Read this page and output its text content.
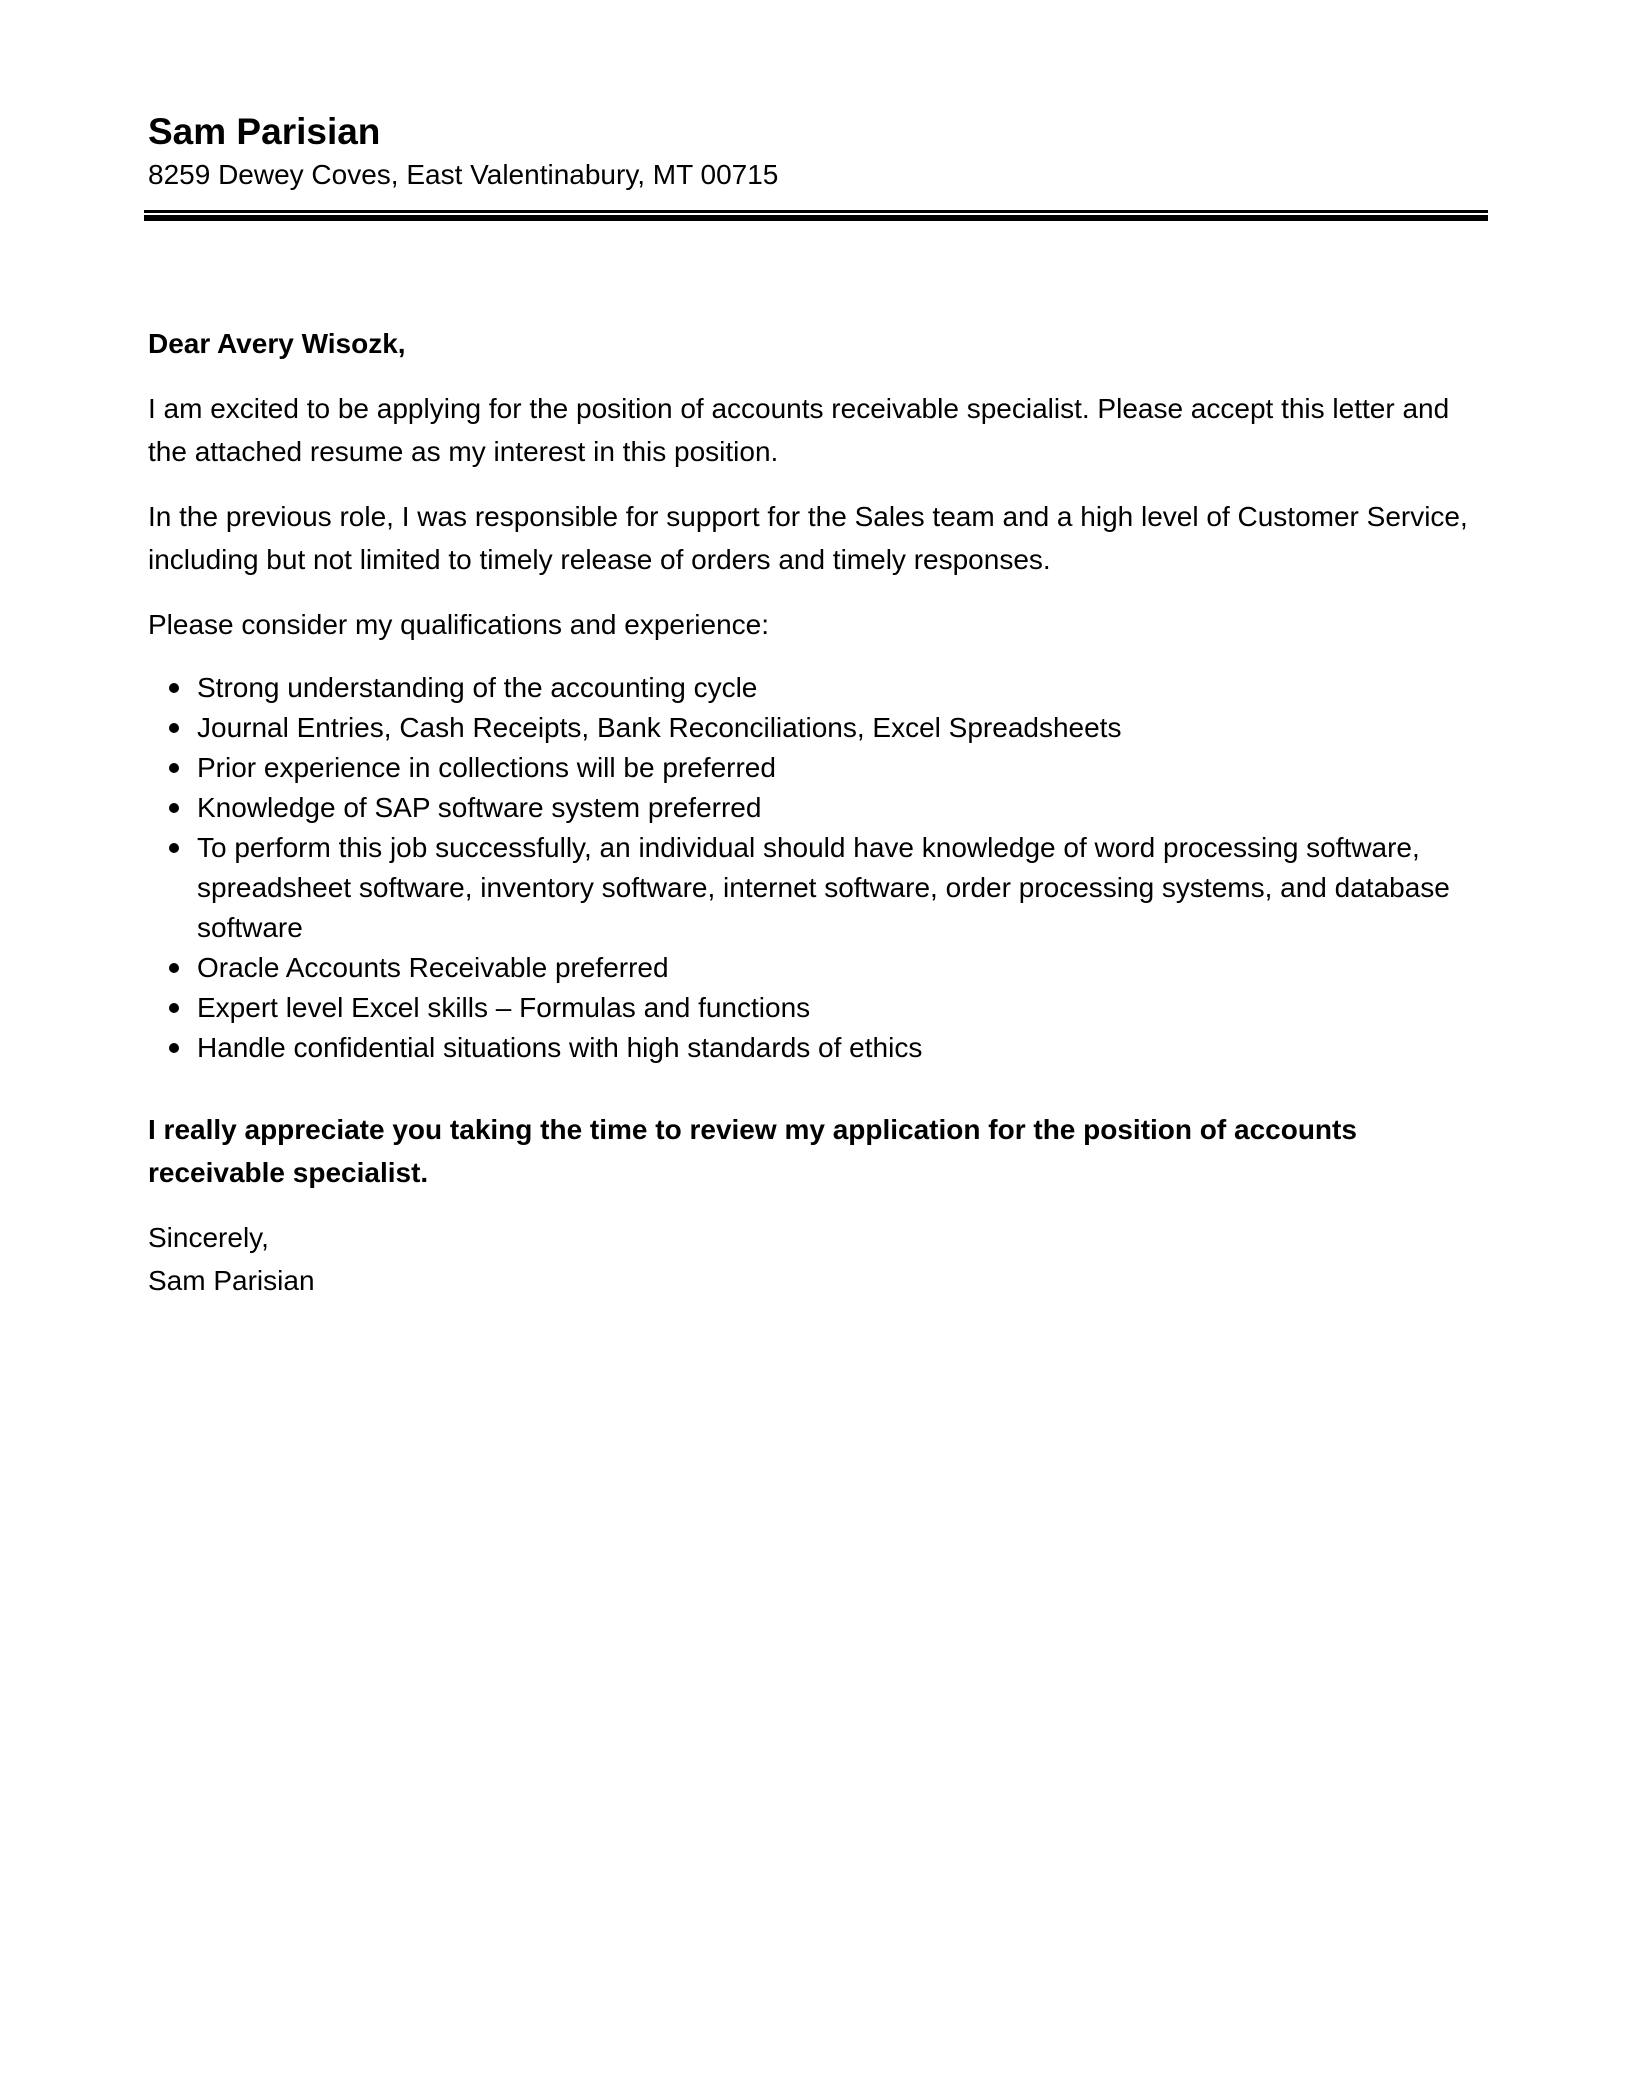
Sam Parisian

8259 Dewey Coves, East Valentinabury, MT 00715

Dear Avery Wisozk,

I am excited to be applying for the position of accounts receivable specialist. Please accept this letter and the attached resume as my interest in this position.

In the previous role, I was responsible for support for the Sales team and a high level of Customer Service, including but not limited to timely release of orders and timely responses.

Please consider my qualifications and experience:

Strong understanding of the accounting cycle
Journal Entries, Cash Receipts, Bank Reconciliations, Excel Spreadsheets
Prior experience in collections will be preferred
Knowledge of SAP software system preferred
To perform this job successfully, an individual should have knowledge of word processing software, spreadsheet software, inventory software, internet software, order processing systems, and database software
Oracle Accounts Receivable preferred
Expert level Excel skills – Formulas and functions
Handle confidential situations with high standards of ethics

I really appreciate you taking the time to review my application for the position of accounts receivable specialist.

Sincerely,

Sam Parisian
